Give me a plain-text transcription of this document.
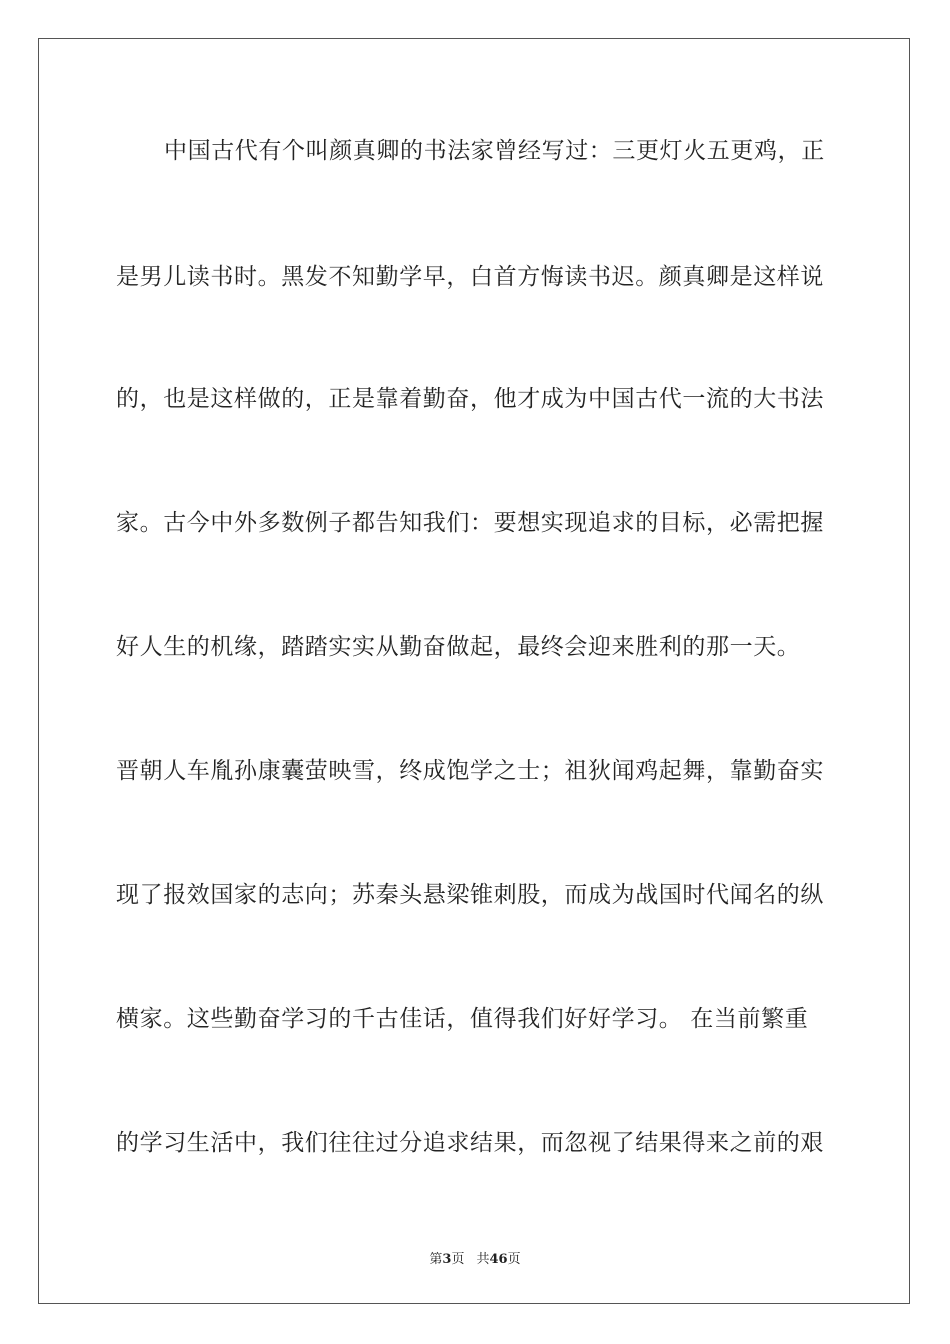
中国古代有个叫颜真卿的书法家曾经写过：三更灯火五更鸡，正
是男儿读书时。黑发不知勤学早，白首方悔读书迟。颜真卿是这样说
的，也是这样做的，正是靠着勤奋，他才成为中国古代一流的大书法
家。古今中外多数例子都告知我们：要想实现追求的目标，必需把握
好人生的机缘，踏踏实实从勤奋做起，最终会迎来胜利的那一天。
晋朝人车胤孙康囊萤映雪，终成饱学之士；祖狄闻鸡起舞，靠勤奋实
现了报效国家的志向；苏秦头悬梁锥刺股，而成为战国时代闻名的纵
横家。这些勤奋学习的千古佳话，值得我们好好学习。 在当前繁重
的学习生活中，我们往往过分追求结果，而忽视了结果得来之前的艰
第3页 共46页
